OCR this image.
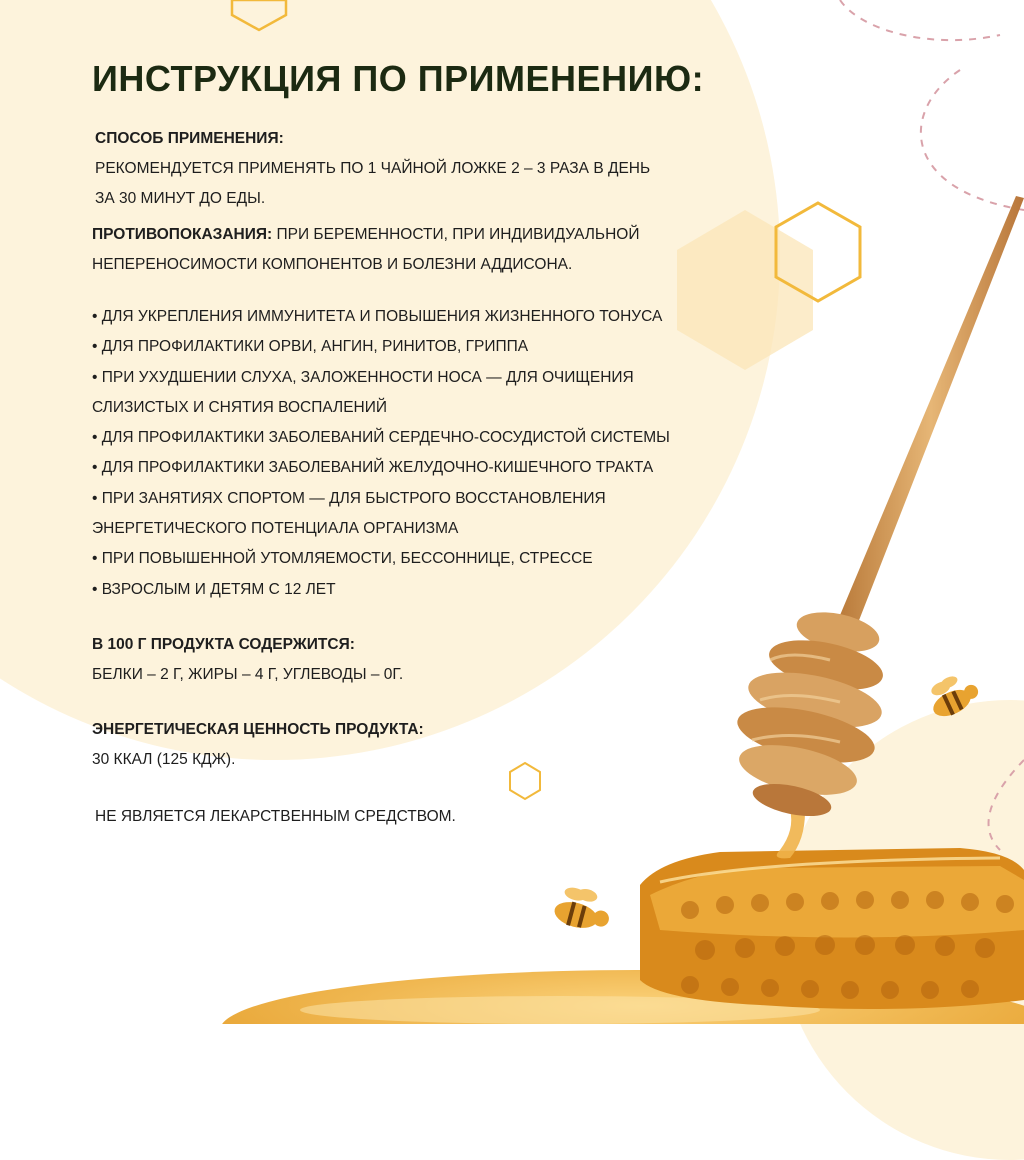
ИНСТРУКЦИЯ ПО ПРИМЕНЕНИЮ:
СПОСОБ ПРИМЕНЕНИЯ:
РЕКОМЕНДУЕТСЯ ПРИМЕНЯТЬ ПО 1 ЧАЙНОЙ ЛОЖКЕ 2 – 3 РАЗА В ДЕНЬ
ЗА 30 МИНУТ ДО ЕДЫ.
ПРОТИВОПОКАЗАНИЯ: ПРИ БЕРЕМЕННОСТИ, ПРИ ИНДИВИДУАЛЬНОЙ
НЕПЕРЕНОСИМОСТИ КОМПОНЕНТОВ И БОЛЕЗНИ АДДИСОНА.
• ДЛЯ УКРЕПЛЕНИЯ ИММУНИТЕТА И ПОВЫШЕНИЯ ЖИЗНЕННОГО ТОНУСА
• ДЛЯ ПРОФИЛАКТИКИ ОРВИ, АНГИН, РИНИТОВ, ГРИППА
• ПРИ УХУДШЕНИИ СЛУХА, ЗАЛОЖЕННОСТИ НОСА — ДЛЯ ОЧИЩЕНИЯ
СЛИЗИСТЫХ И СНЯТИЯ ВОСПАЛЕНИЙ
• ДЛЯ ПРОФИЛАКТИКИ ЗАБОЛЕВАНИЙ СЕРДЕЧНО-СОСУДИСТОЙ СИСТЕМЫ
• ДЛЯ ПРОФИЛАКТИКИ ЗАБОЛЕВАНИЙ ЖЕЛУДОЧНО-КИШЕЧНОГО ТРАКТА
• ПРИ ЗАНЯТИЯХ СПОРТОМ — ДЛЯ БЫСТРОГО ВОССТАНОВЛЕНИЯ
ЭНЕРГЕТИЧЕСКОГО ПОТЕНЦИАЛА ОРГАНИЗМА
• ПРИ ПОВЫШЕННОЙ УТОМЛЯЕМОСТИ, БЕССОННИЦЕ, СТРЕССЕ
• ВЗРОСЛЫМ И ДЕТЯМ С 12 ЛЕТ
В 100 Г ПРОДУКТА СОДЕРЖИТСЯ:
БЕЛКИ – 2 Г, ЖИРЫ – 4 Г, УГЛЕВОДЫ – 0Г.
ЭНЕРГЕТИЧЕСКАЯ ЦЕННОСТЬ ПРОДУКТА:
30 ККАЛ (125 КДЖ).
НЕ ЯВЛЯЕТСЯ ЛЕКАРСТВЕННЫМ СРЕДСТВОМ.
